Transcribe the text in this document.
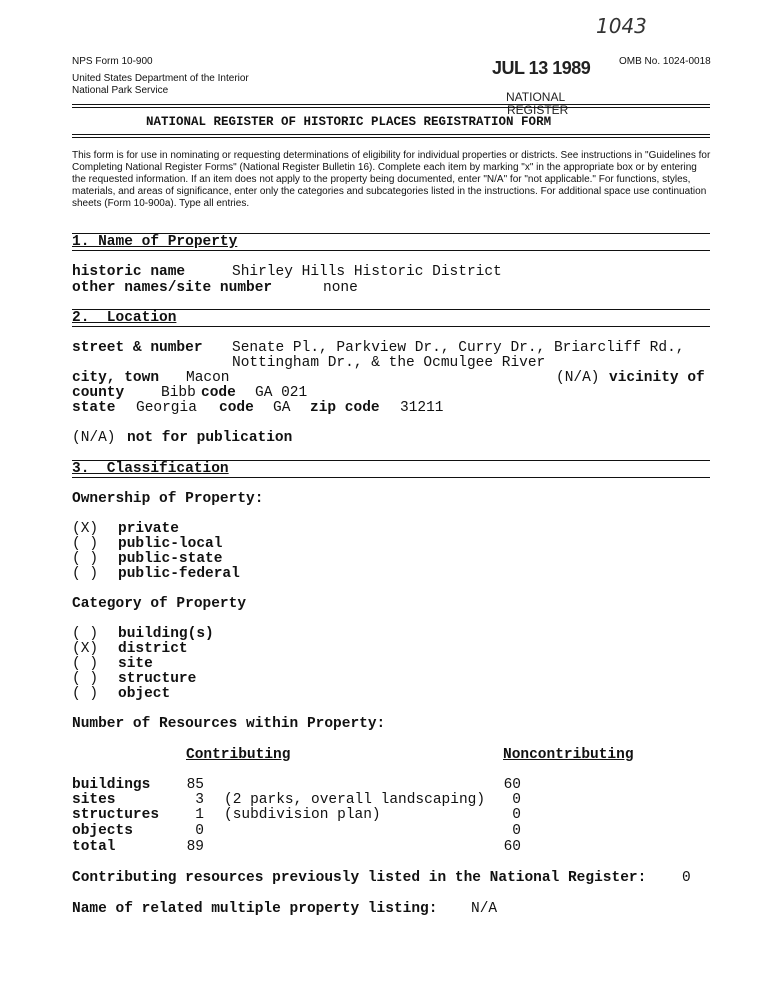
1043
NPS Form 10-900
United States Department of the Interior
National Park Service
OMB No. 1024-0018
JUL 13 1989
NATIONAL
REGISTER
NATIONAL REGISTER OF HISTORIC PLACES REGISTRATION FORM
This form is for use in nominating or requesting determinations of eligibility for individual properties or districts. See instructions in "Guidelines for Completing National Register Forms" (National Register Bulletin 16). Complete each item by marking "x" in the appropriate box or by entering the requested information. If an item does not apply to the property being documented, enter "N/A" for "not applicable." For functions, styles, materials, and areas of significance, enter only the categories and subcategories listed in the instructions. For additional space use continuation sheets (Form 10-900a). Type all entries.
1. Name of Property
historic name	Shirley Hills Historic District
other names/site number	none
2.  Location
street & number Senate Pl., Parkview Dr., Curry Dr., Briarcliff Rd.,
Nottingham Dr., & the Ocmulgee River
city, town Macon	(N/A) vicinity of
county	Bibb code GA 021
state Georgia code GA zip code 31211
(N/A) not for publication
3.  Classification
Ownership of Property:
(X) private
( ) public-local
( ) public-state
( ) public-federal
Category of Property
( ) building(s)
(X) district
( ) site
( ) structure
( ) object
Number of Resources within Property:
Contributing	Noncontributing
buildings	85	60
sites	3 (2 parks, overall landscaping)	0
structures	1 (subdivision plan)	0
objects	0	0
total	89	60
Contributing resources previously listed in the National Register: 0
Name of related multiple property listing: N/A
